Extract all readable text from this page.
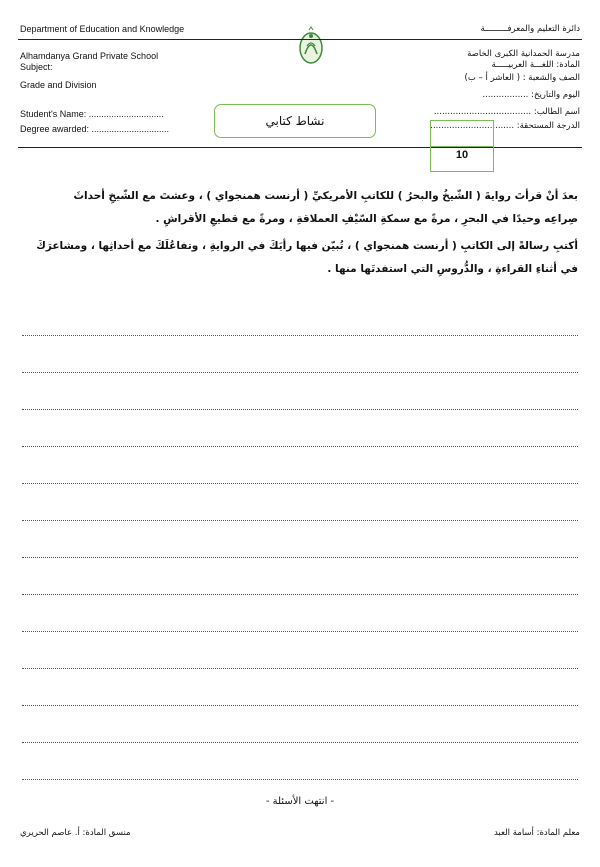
Department of Education and Knowledge
Alhamdanya Grand Private School
Subject:
Grade and Division
Student's Name: ..............................
Degree awarded: ...............................
دائرة التعليم والمعرفـــــــــة
مدرسة الحمدانية الكبرى الخاصة
المادة: اللغـــة العربيـــــة
الصف والشعبة : ( العاشر أ – ب)
اليوم والتاريخ: .................
اسم الطالب: ....................................
الدرجة المستحقة: ...............................
نشاط كتابي
10
بعدَ أنْ قرأتَ روايةَ ( الشّيخُ والبحرُ ) للكاتبِ الأمريكيِّ ( أرنست همنجواي ) ، وعشتَ مع الشّيخِ أحداثَ
صِراعِه وحيدًا في البحرِ ، مرةً مع سمكةِ السّيْفِ العملاقةِ ، ومرةً مع قطيعِ الأقراشِ .
أكتبِ رسالةً إلى الكاتبِ ( أرنست همنجواي ) ، تُبيّن فيها رأيَكَ في الروايةِ ، وتفاعُلَكَ مع أحداثِها ، ومشاعرَكَ
في أثناءِ القراءةِ ، والدُّروسِ التي استفدتَها منها .
- انتهت الأسئلة -
منسق المادة: أ. عاصم الحريري	معلم المادة: أسامة العبد
